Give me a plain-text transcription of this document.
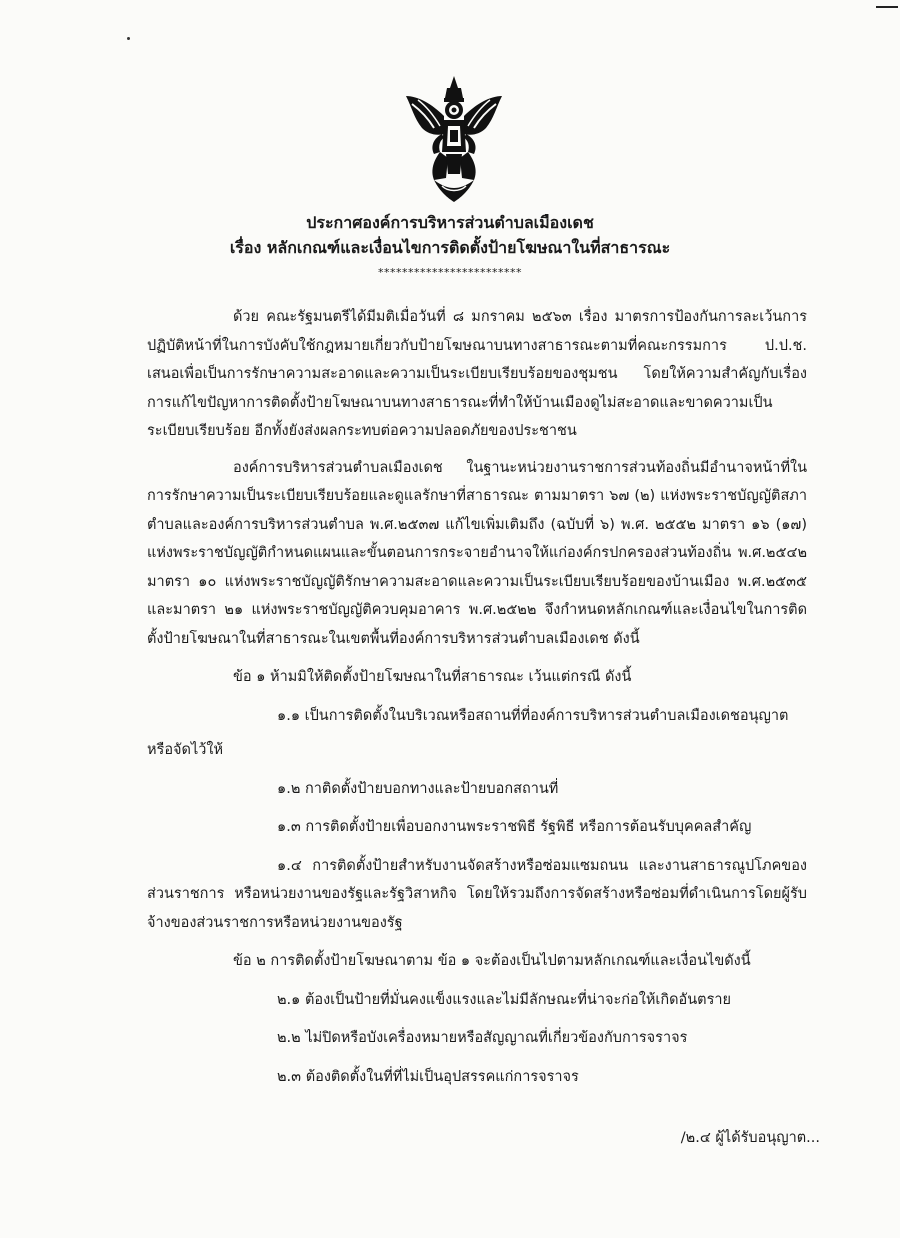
ประกาศองค์การบริหารส่วนตำบลเมืองเดช
เรื่อง หลักเกณฑ์และเงื่อนไขการติดตั้งป้ายโฆษณาในที่สาธารณะ
************************

ด้วย คณะรัฐมนตรีได้มีมติเมื่อวันที่ ๘ มกราคม ๒๕๖๓ เรื่อง มาตรการป้องกันการละเว้นการปฏิบัติหน้าที่ในการบังคับใช้กฎหมายเกี่ยวกับป้ายโฆษณาบนทางสาธารณะตามที่คณะกรรมการ ป.ป.ช. เสนอเพื่อเป็นการรักษาความสะอาดและความเป็นระเบียบเรียบร้อยของชุมชน โดยให้ความสำคัญกับเรื่องการแก้ไขปัญหาการติดตั้งป้ายโฆษณาบนทางสาธารณะที่ทำให้บ้านเมืองดูไม่สะอาดและขาดความเป็นระเบียบเรียบร้อย อีกทั้งยังส่งผลกระทบต่อความปลอดภัยของประชาชน

องค์การบริหารส่วนตำบลเมืองเดช ในฐานะหน่วยงานราชการส่วนท้องถิ่นมีอำนาจหน้าที่ในการรักษาความเป็นระเบียบเรียบร้อยและดูแลรักษาที่สาธารณะ ตามมาตรา ๖๗ (๒) แห่งพระราชบัญญัติสภาตำบลและองค์การบริหารส่วนตำบล พ.ศ.๒๕๓๗ แก้ไขเพิ่มเติมถึง (ฉบับที่ ๖) พ.ศ. ๒๕๕๒ มาตรา ๑๖ (๑๗) แห่งพระราชบัญญัติกำหนดแผนและขั้นตอนการกระจายอำนาจให้แก่องค์กรปกครองส่วนท้องถิ่น พ.ศ.๒๕๔๒ มาตรา ๑๐ แห่งพระราชบัญญัติรักษาความสะอาดและความเป็นระเบียบเรียบร้อยของบ้านเมือง พ.ศ.๒๕๓๕ และมาตรา ๒๑ แห่งพระราชบัญญัติควบคุมอาคาร พ.ศ.๒๕๒๒ จึงกำหนดหลักเกณฑ์และเงื่อนไขในการติดตั้งป้ายโฆษณาในที่สาธารณะในเขตพื้นที่องค์การบริหารส่วนตำบลเมืองเดช ดังนี้

ข้อ ๑ ห้ามมิให้ติดตั้งป้ายโฆษณาในที่สาธารณะ เว้นแต่กรณี ดังนี้

๑.๑ เป็นการติดตั้งในบริเวณหรือสถานที่ที่องค์การบริหารส่วนตำบลเมืองเดชอนุญาต

หรือจัดไว้ให้

๑.๒ กาติดตั้งป้ายบอกทางและป้ายบอกสถานที่

๑.๓ การติดตั้งป้ายเพื่อบอกงานพระราชพิธี รัฐพิธี หรือการต้อนรับบุคคลสำคัญ

๑.๔ การติดตั้งป้ายสำหรับงานจัดสร้างหรือซ่อมแซมถนน และงานสาธารณูปโภคของส่วนราชการ หรือหน่วยงานของรัฐและรัฐวิสาหกิจ โดยให้รวมถึงการจัดสร้างหรือซ่อมที่ดำเนินการโดยผู้รับจ้างของส่วนราชการหรือหน่วยงานของรัฐ

ข้อ ๒ การติดตั้งป้ายโฆษณาตาม ข้อ ๑ จะต้องเป็นไปตามหลักเกณฑ์และเงื่อนไขดังนี้

๒.๑ ต้องเป็นป้ายที่มั่นคงแข็งแรงและไม่มีลักษณะที่น่าจะก่อให้เกิดอันตราย

๒.๒ ไม่ปิดหรือบังเครื่องหมายหรือสัญญาณที่เกี่ยวข้องกับการจราจร

๒.๓ ต้องติดตั้งในที่ที่ไม่เป็นอุปสรรคแก่การจราจร

/๒.๔ ผู้ได้รับอนุญาต...
